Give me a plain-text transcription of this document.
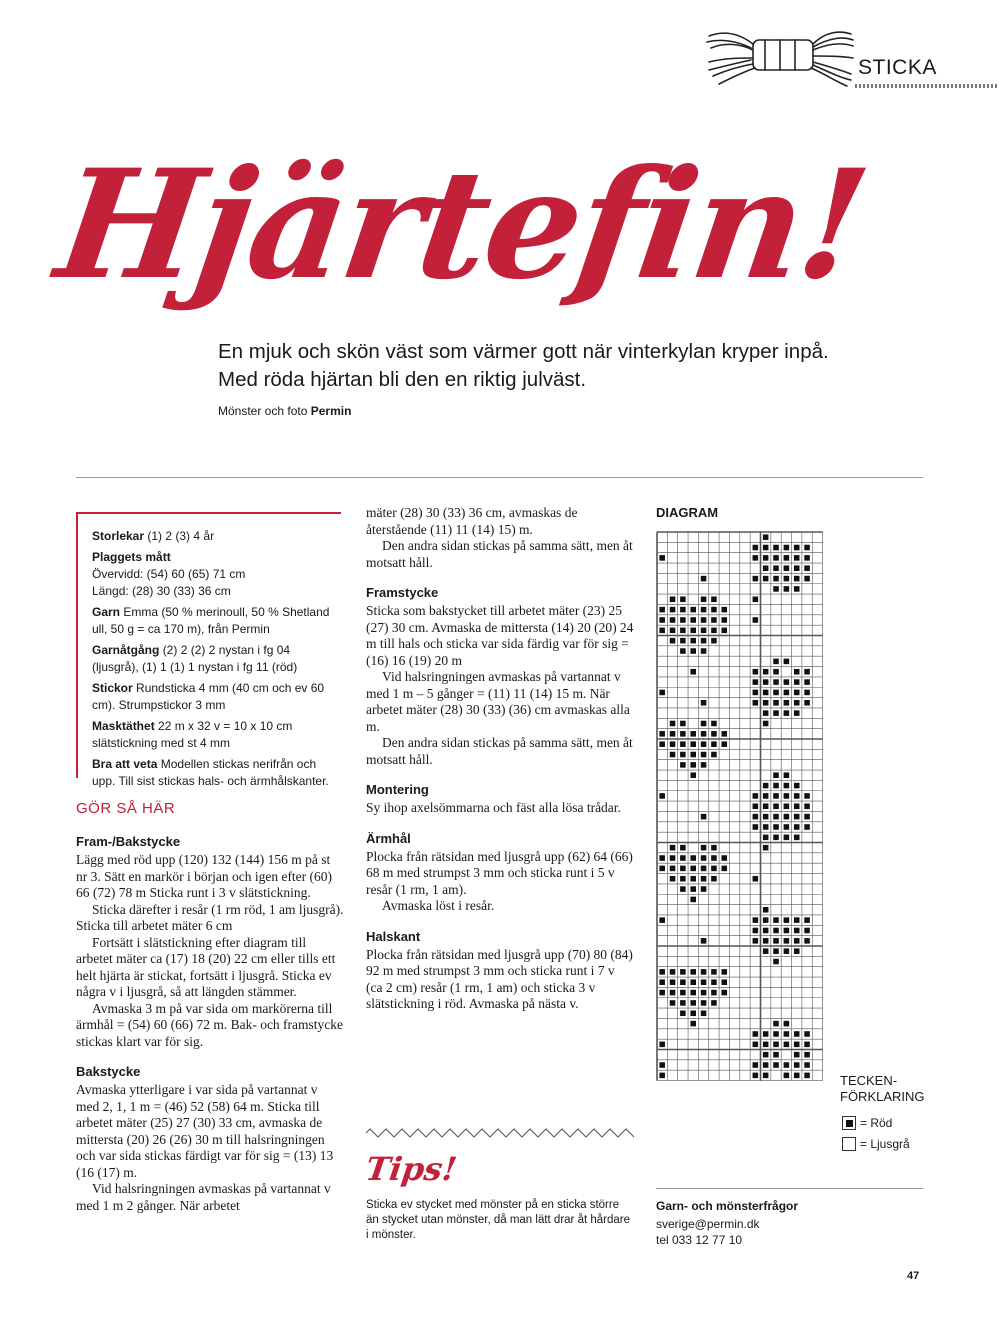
STICKA
Hjärtefin!
En mjuk och skön väst som värmer gott när vinterkylan kryper inpå. Med röda hjärtan bli den en riktig julväst.
Mönster och foto Permin
Storlekar (1) 2 (3) 4 år
Plaggets mått
Övervidd: (54) 60 (65) 71 cm
Längd: (28) 30 (33) 36 cm
Garn Emma (50 % merinoull, 50 % Shetland ull, 50 g = ca 170 m), från Permin
Garnåtgång (2) 2 (2) 2 nystan i fg 04 (ljusgrå), (1) 1 (1) 1 nystan i fg 11 (röd)
Stickor Rundsticka 4 mm (40 cm och ev 60 cm). Strumpstickor 3 mm
Masktäthet 22 m x 32 v = 10 x 10 cm slätstickning med st 4 mm
Bra att veta Modellen stickas nerifrån och upp. Till sist stickas hals- och ärmhålskanter.
GÖR SÅ HÄR
Fram-/Bakstycke
Lägg med röd upp (120) 132 (144) 156 m på st nr 3. Sätt en markör i början och igen efter (60) 66 (72) 78 m Sticka runt i 3 v slätstickning.
Sticka därefter i resår (1 rm röd, 1 am ljusgrå). Sticka till arbetet mäter 6 cm
Fortsätt i slätstickning efter diagram till arbetet mäter ca (17) 18 (20) 22 cm eller tills ett helt hjärta är stickat, fortsätt i ljusgrå. Sticka ev några v i ljusgrå, så att längden stämmer.
Avmaska 3 m på var sida om markörerna till ärmhål = (54) 60 (66) 72 m. Bak- och framstycke stickas klart var för sig.
Bakstycke
Avmaska ytterligare i var sida på vartannat v med 2, 1, 1 m = (46) 52 (58) 64 m. Sticka till arbetet mäter (25) 27 (30) 33 cm, avmaska de mittersta (20) 26 (26) 30 m till halsringningen och var sida stickas färdigt var för sig = (13) 13 (16 (17) m.
Vid halsringningen avmaskas på vartannat v med 1 m 2 gånger. När arbetet
mäter (28) 30 (33) 36 cm, avmaskas de återstående (11) 11 (14) 15) m.
Den andra sidan stickas på samma sätt, men åt motsatt håll.
Framstycke
Sticka som bakstycket till arbetet mäter (23) 25 (27) 30 cm. Avmaska de mittersta (14) 20 (20) 24 m till hals och sticka var sida färdig var för sig = (16) 16 (19) 20 m
Vid halsringningen avmaskas på vartannat v med 1 m – 5 gånger = (11) 11 (14) 15 m. När arbetet mäter (28) 30 (33) (36) cm avmaskas alla m.
Den andra sidan stickas på samma sätt, men åt motsatt håll.
Montering
Sy ihop axelsömmarna och fäst alla lösa trådar.
Ärmhål
Plocka från rätsidan med ljusgrå upp (62) 64 (66) 68 m med strumpst 3 mm och sticka runt i 5 v resår (1 rm, 1 am).
Avmaska löst i resår.
Halskant
Plocka från rätsidan med ljusgrå upp (70) 80 (84) 92 m med strumpst 3 mm och sticka runt i 7 v (ca 2 cm) resår (1 rm, 1 am) och sticka 3 v slätstickning i röd. Avmaska på nästa v.
Tips!
Sticka ev stycket med mönster på en sticka större än stycket utan mönster, då man lätt drar åt hårdare i mönster.
DIAGRAM
TECKEN-
FÖRKLARING
= Röd
= Ljusgrå
Garn- och mönsterfrågor
sverige@permin.dk
tel 033 12 77 10
47
